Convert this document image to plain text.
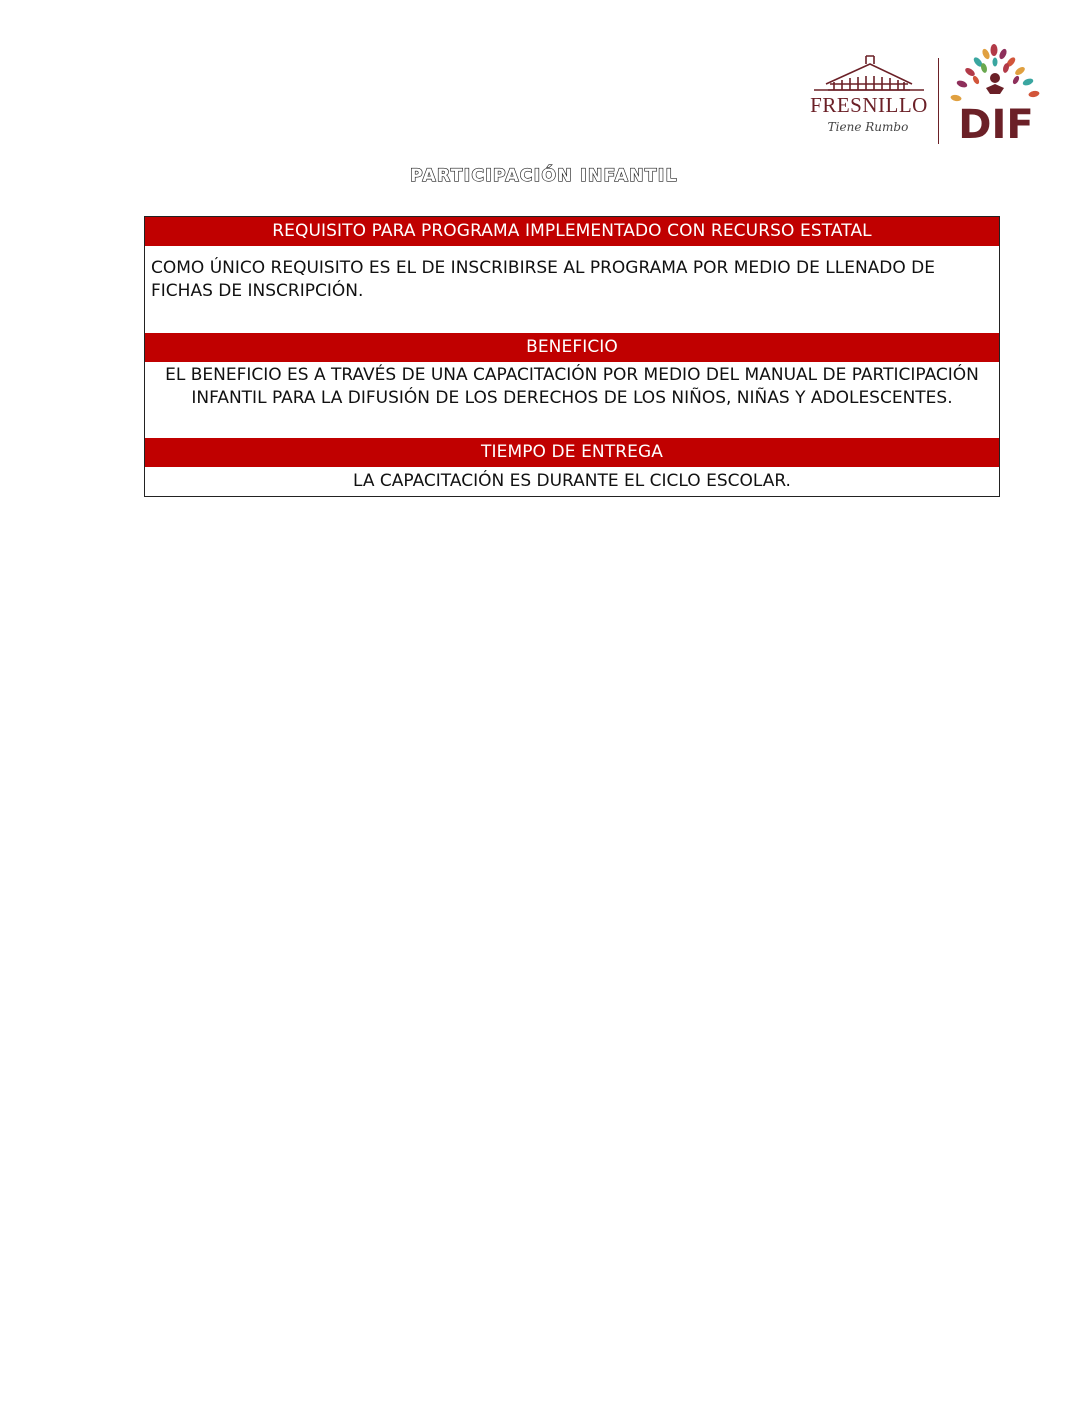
FRESNILLO
Tiene Rumbo DIF
PARTICIPACIÓN INFANTIL
REQUISITO PARA PROGRAMA IMPLEMENTADO CON RECURSO ESTATAL
COMO ÚNICO REQUISITO ES EL DE INSCRIBIRSE AL PROGRAMA POR MEDIO DE LLENADO DE FICHAS DE INSCRIPCIÓN.
BENEFICIO
EL BENEFICIO ES A TRAVÉS DE UNA CAPACITACIÓN POR MEDIO DEL MANUAL DE PARTICIPACIÓN INFANTIL PARA LA DIFUSIÓN DE LOS DERECHOS DE LOS NIÑOS, NIÑAS Y ADOLESCENTES.
TIEMPO DE ENTREGA
LA CAPACITACIÓN ES DURANTE EL CICLO ESCOLAR.
